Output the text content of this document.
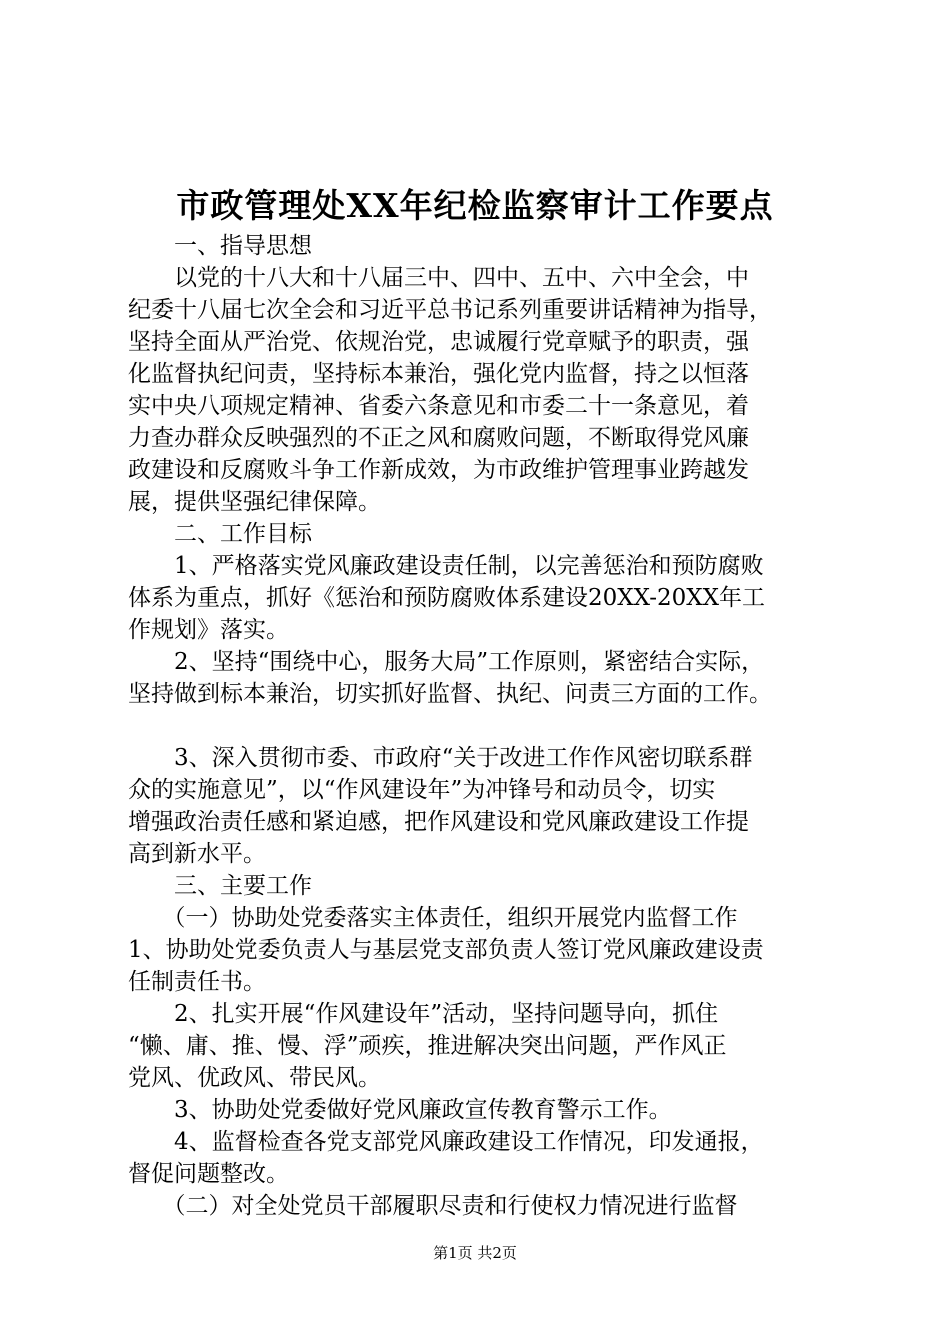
市政管理处XX年纪检监察审计工作要点
　　一、指导思想
　　以党的十八大和十八届三中、四中、五中、六中全会，中
纪委十八届七次全会和习近平总书记系列重要讲话精神为指导，
坚持全面从严治党、依规治党，忠诚履行党章赋予的职责，强
化监督执纪问责，坚持标本兼治，强化党内监督，持之以恒落
实中央八项规定精神、省委六条意见和市委二十一条意见，着
力查办群众反映强烈的不正之风和腐败问题，不断取得党风廉
政建设和反腐败斗争工作新成效，为市政维护管理事业跨越发
展，提供坚强纪律保障。
　　二、工作目标
　　1、严格落实党风廉政建设责任制，以完善惩治和预防腐败
体系为重点，抓好《惩治和预防腐败体系建设20XX-20XX年工
作规划》落实。
　　2、坚持“围绕中心，服务大局”工作原则，紧密结合实际，
坚持做到标本兼治，切实抓好监督、执纪、问责三方面的工作。
　　3、深入贯彻市委、市政府“关于改进工作作风密切联系群
众的实施意见”，以“作风建设年”为冲锋号和动员令，切实
增强政治责任感和紧迫感，把作风建设和党风廉政建设工作提
高到新水平。
　　三、主要工作
　　（一）协助处党委落实主体责任，组织开展党内监督工作
1、协助处党委负责人与基层党支部负责人签订党风廉政建设责
任制责任书。
　　2、扎实开展“作风建设年”活动，坚持问题导向，抓住
“懒、庸、推、慢、浮”顽疾，推进解决突出问题，严作风正
党风、优政风、带民风。
　　3、协助处党委做好党风廉政宣传教育警示工作。
　　4、监督检查各党支部党风廉政建设工作情况，印发通报，
督促问题整改。
　　（二）对全处党员干部履职尽责和行使权力情况进行监督
第1页 共2页
